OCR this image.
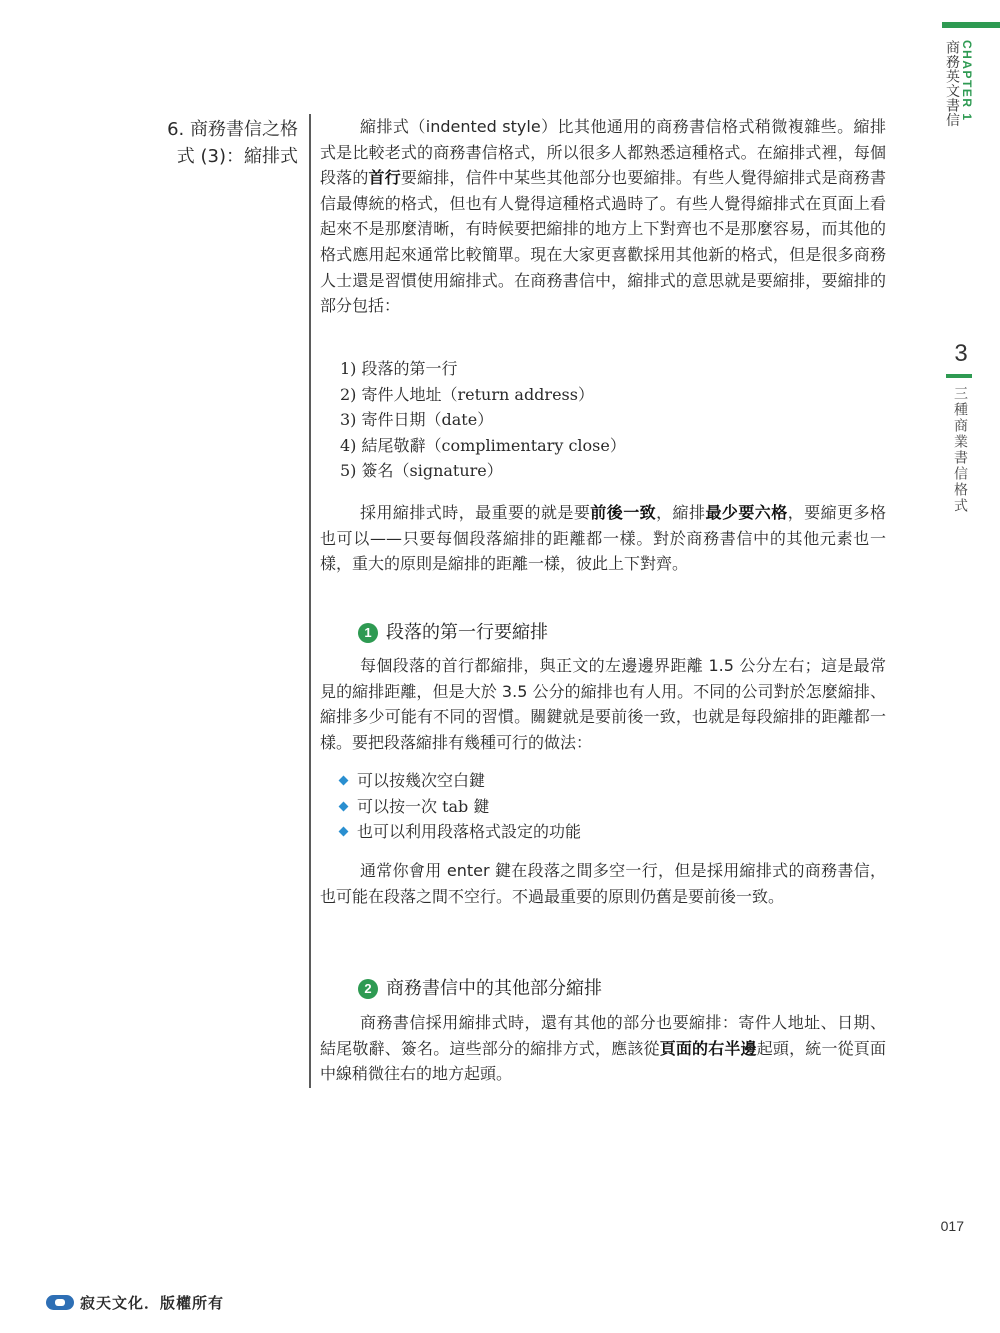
CHAPTER 1
商務英文書信
3
三種商業書信格式
6. 商務書信之格
式 (3)：縮排式

縮排式（indented style）比其他通用的商務書信格式稍微複雜些。縮排式是比較老式的商務書信格式，所以很多人都熟悉這種格式。在縮排式裡，每個段落的首行要縮排，信件中某些其他部分也要縮排。有些人覺得縮排式是商務書信最傳統的格式，但也有人覺得這種格式過時了。有些人覺得縮排式在頁面上看起來不是那麼清晰，有時候要把縮排的地方上下對齊也不是那麼容易，而其他的格式應用起來通常比較簡單。現在大家更喜歡採用其他新的格式，但是很多商務人士還是習慣使用縮排式。在商務書信中，縮排式的意思就是要縮排，要縮排的部分包括：

1) 段落的第一行
2) 寄件人地址（return address）
3) 寄件日期（date）
4) 結尾敬辭（complimentary close）
5) 簽名（signature）

採用縮排式時，最重要的就是要前後一致，縮排最少要六格，要縮更多格也可以——只要每個段落縮排的距離都一樣。對於商務書信中的其他元素也一樣，重大的原則是縮排的距離一樣，彼此上下對齊。

1 段落的第一行要縮排

每個段落的首行都縮排，與正文的左邊邊界距離 1.5 公分左右；這是最常見的縮排距離，但是大於 3.5 公分的縮排也有人用。不同的公司對於怎麼縮排、縮排多少可能有不同的習慣。關鍵就是要前後一致，也就是每段縮排的距離都一樣。要把段落縮排有幾種可行的做法：

可以按幾次空白鍵
可以按一次 tab 鍵
也可以利用段落格式設定的功能

通常你會用 enter 鍵在段落之間多空一行，但是採用縮排式的商務書信，也可能在段落之間不空行。不過最重要的原則仍舊是要前後一致。

2 商務書信中的其他部分縮排

商務書信採用縮排式時，還有其他的部分也要縮排：寄件人地址、日期、結尾敬辭、簽名。這些部分的縮排方式，應該從頁面的右半邊起頭，統一從頁面中線稍微往右的地方起頭。

017
寂天文化．版權所有
